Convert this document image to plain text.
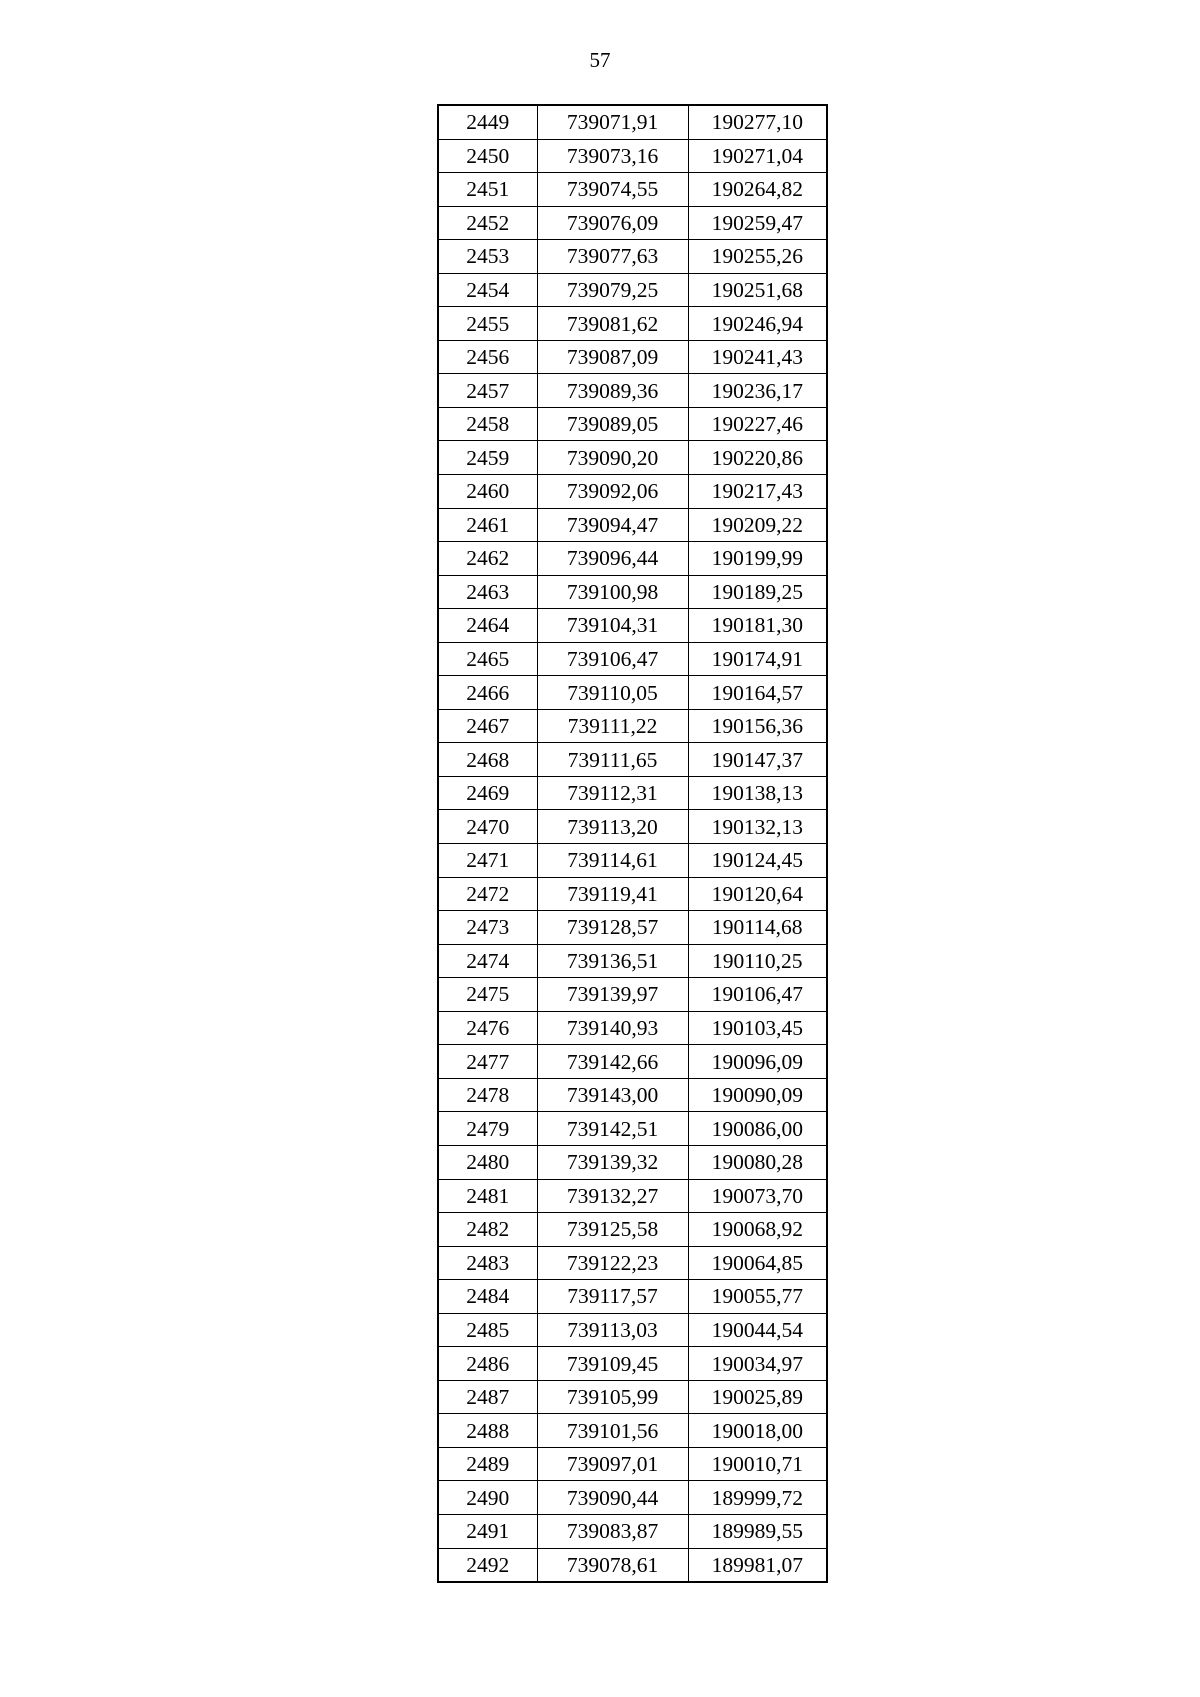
57
2449	739071,91	190277,10
2450	739073,16	190271,04
2451	739074,55	190264,82
2452	739076,09	190259,47
2453	739077,63	190255,26
2454	739079,25	190251,68
2455	739081,62	190246,94
2456	739087,09	190241,43
2457	739089,36	190236,17
2458	739089,05	190227,46
2459	739090,20	190220,86
2460	739092,06	190217,43
2461	739094,47	190209,22
2462	739096,44	190199,99
2463	739100,98	190189,25
2464	739104,31	190181,30
2465	739106,47	190174,91
2466	739110,05	190164,57
2467	739111,22	190156,36
2468	739111,65	190147,37
2469	739112,31	190138,13
2470	739113,20	190132,13
2471	739114,61	190124,45
2472	739119,41	190120,64
2473	739128,57	190114,68
2474	739136,51	190110,25
2475	739139,97	190106,47
2476	739140,93	190103,45
2477	739142,66	190096,09
2478	739143,00	190090,09
2479	739142,51	190086,00
2480	739139,32	190080,28
2481	739132,27	190073,70
2482	739125,58	190068,92
2483	739122,23	190064,85
2484	739117,57	190055,77
2485	739113,03	190044,54
2486	739109,45	190034,97
2487	739105,99	190025,89
2488	739101,56	190018,00
2489	739097,01	190010,71
2490	739090,44	189999,72
2491	739083,87	189989,55
2492	739078,61	189981,07
